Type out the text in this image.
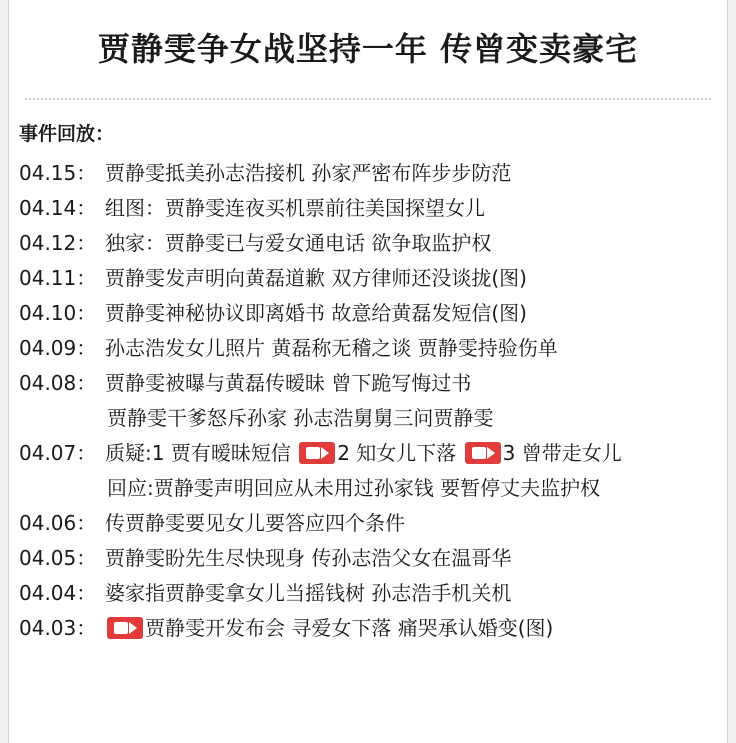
贾静雯争女战坚持一年 传曾变卖豪宅
事件回放：
04.15： 贾静雯抵美孙志浩接机 孙家严密布阵步步防范
04.14： 组图：贾静雯连夜买机票前往美国探望女儿
04.12： 独家：贾静雯已与爱女通电话 欲争取监护权
04.11： 贾静雯发声明向黄磊道歉 双方律师还没谈拢(图)
04.10： 贾静雯神秘协议即离婚书 故意给黄磊发短信(图)
04.09： 孙志浩发女儿照片 黄磊称无稽之谈 贾静雯持验伤单
04.08： 贾静雯被曝与黄磊传暧昧 曾下跪写悔过书
贾静雯干爹怒斥孙家 孙志浩舅舅三问贾静雯
04.07： 质疑:1 贾有暧昧短信 2 知女儿下落 3 曾带走女儿
回应:贾静雯声明回应从未用过孙家钱 要暂停丈夫监护权
04.06： 传贾静雯要见女儿要答应四个条件
04.05： 贾静雯盼先生尽快现身 传孙志浩父女在温哥华
04.04： 婆家指贾静雯拿女儿当摇钱树 孙志浩手机关机
04.03： 贾静雯开发布会 寻爱女下落 痛哭承认婚变(图)
